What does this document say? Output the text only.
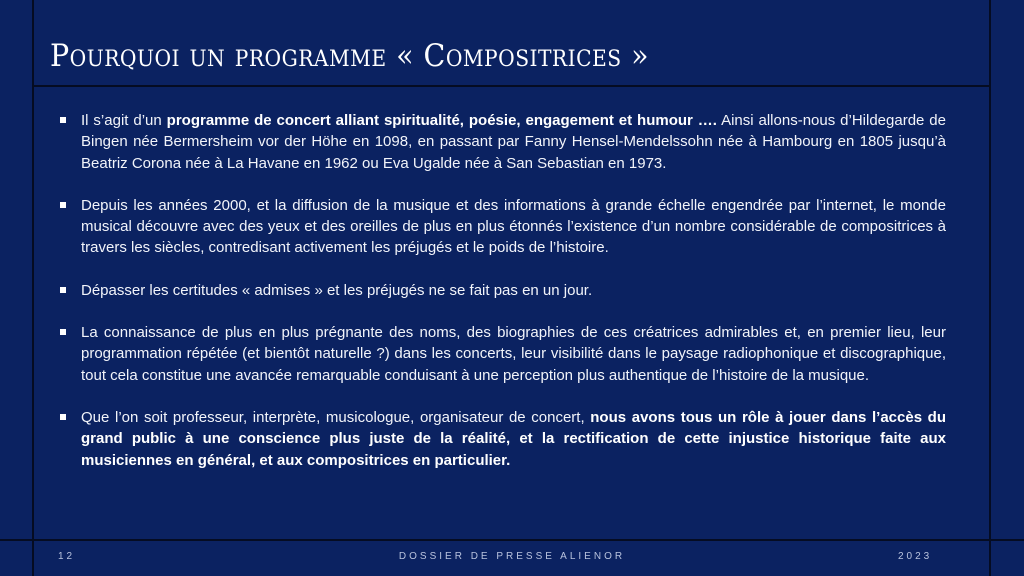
Pourquoi un programme « Compositrices »
Il s’agit d’un programme de concert alliant spiritualité, poésie, engagement et humour …. Ainsi allons-nous d’Hildegarde de Bingen née Bermersheim vor der Höhe en 1098, en passant par Fanny Hensel-Mendelssohn née à Hambourg en 1805 jusqu’à Beatriz Corona née à La Havane en 1962 ou Eva Ugalde née à San Sebastian en 1973.
Depuis les années 2000, et la diffusion de la musique et des informations à grande échelle engendrée par l’internet, le monde musical découvre avec des yeux et des oreilles de plus en plus étonnés l’existence d’un nombre considérable de compositrices à travers les siècles, contredisant activement les préjugés et le poids de l’histoire.
Dépasser les certitudes « admises » et les préjugés ne se fait pas en un jour.
La connaissance de plus en plus prégnante des noms, des biographies de ces créatrices admirables et, en premier lieu, leur programmation répétée (et bientôt naturelle ?) dans les concerts, leur visibilité dans le paysage radiophonique et discographique, tout cela constitue une avancée remarquable conduisant à une perception plus authentique de l’histoire de la musique.
Que l’on soit professeur, interprète, musicologue, organisateur de concert, nous avons tous un rôle à jouer dans l’accès du grand public à une conscience plus juste de la réalité, et la rectification de cette injustice historique faite aux musiciennes en général, et aux compositrices en particulier.
12	DOSSIER DE PRESSE ALIENOR	2023
